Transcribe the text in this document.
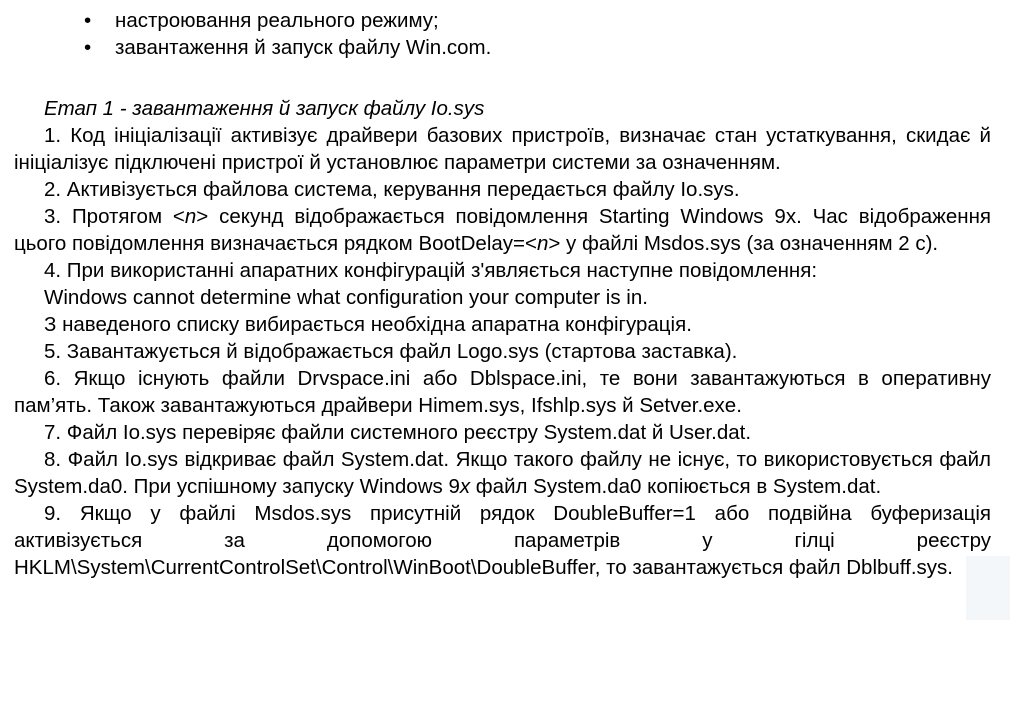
• настроювання реального режиму;
• завантаження й запуск файлу Win.com.
Етап 1 - завантаження й запуск файлу Io.sys

1. Код ініціалізації активізує драйвери базових пристроїв, визначає стан устаткування, скидає й ініціалізує підключені пристрої й установлює параметри системи за означенням.

2. Активізується файлова система, керування передається файлу Io.sys.

3. Протягом <n> секунд відображається повідомлення Starting Windows 9x. Час відображення цього повідомлення визначається рядком BootDelay=<n> у файлі Msdos.sys (за означенням 2 с).

4. При використанні апаратних конфігурацій з'являється наступне повідомлення:

Windows cannot determine what configuration your computer is in.

З наведеного списку вибирається необхідна апаратна конфігурація.

5. Завантажується й відображається файл Logo.sys (стартова заставка).

6. Якщо існують файли Drvspace.ini або Dblspace.ini, те вони завантажуються в оперативну пам’ять. Також завантажуються драйвери Himem.sys, Ifshlp.sys й Setver.exe.

7. Файл Io.sys перевіряє файли системного реєстру System.dat й User.dat.

8. Файл Io.sys відкриває файл System.dat. Якщо такого файлу не існує, то використовується файл System.da0. При успішному запуску Windows 9x файл System.da0 копіюється в System.dat.

9. Якщо у файлі Msdos.sys присутній рядок DoubleBuffer=1 або подвійна буферизація активізується за допомогою параметрів у гілці реєстру HKLM\System\CurrentControlSet\Control\WinBoot\DoubleBuffer, то завантажується файл Dblbuff.sys.
